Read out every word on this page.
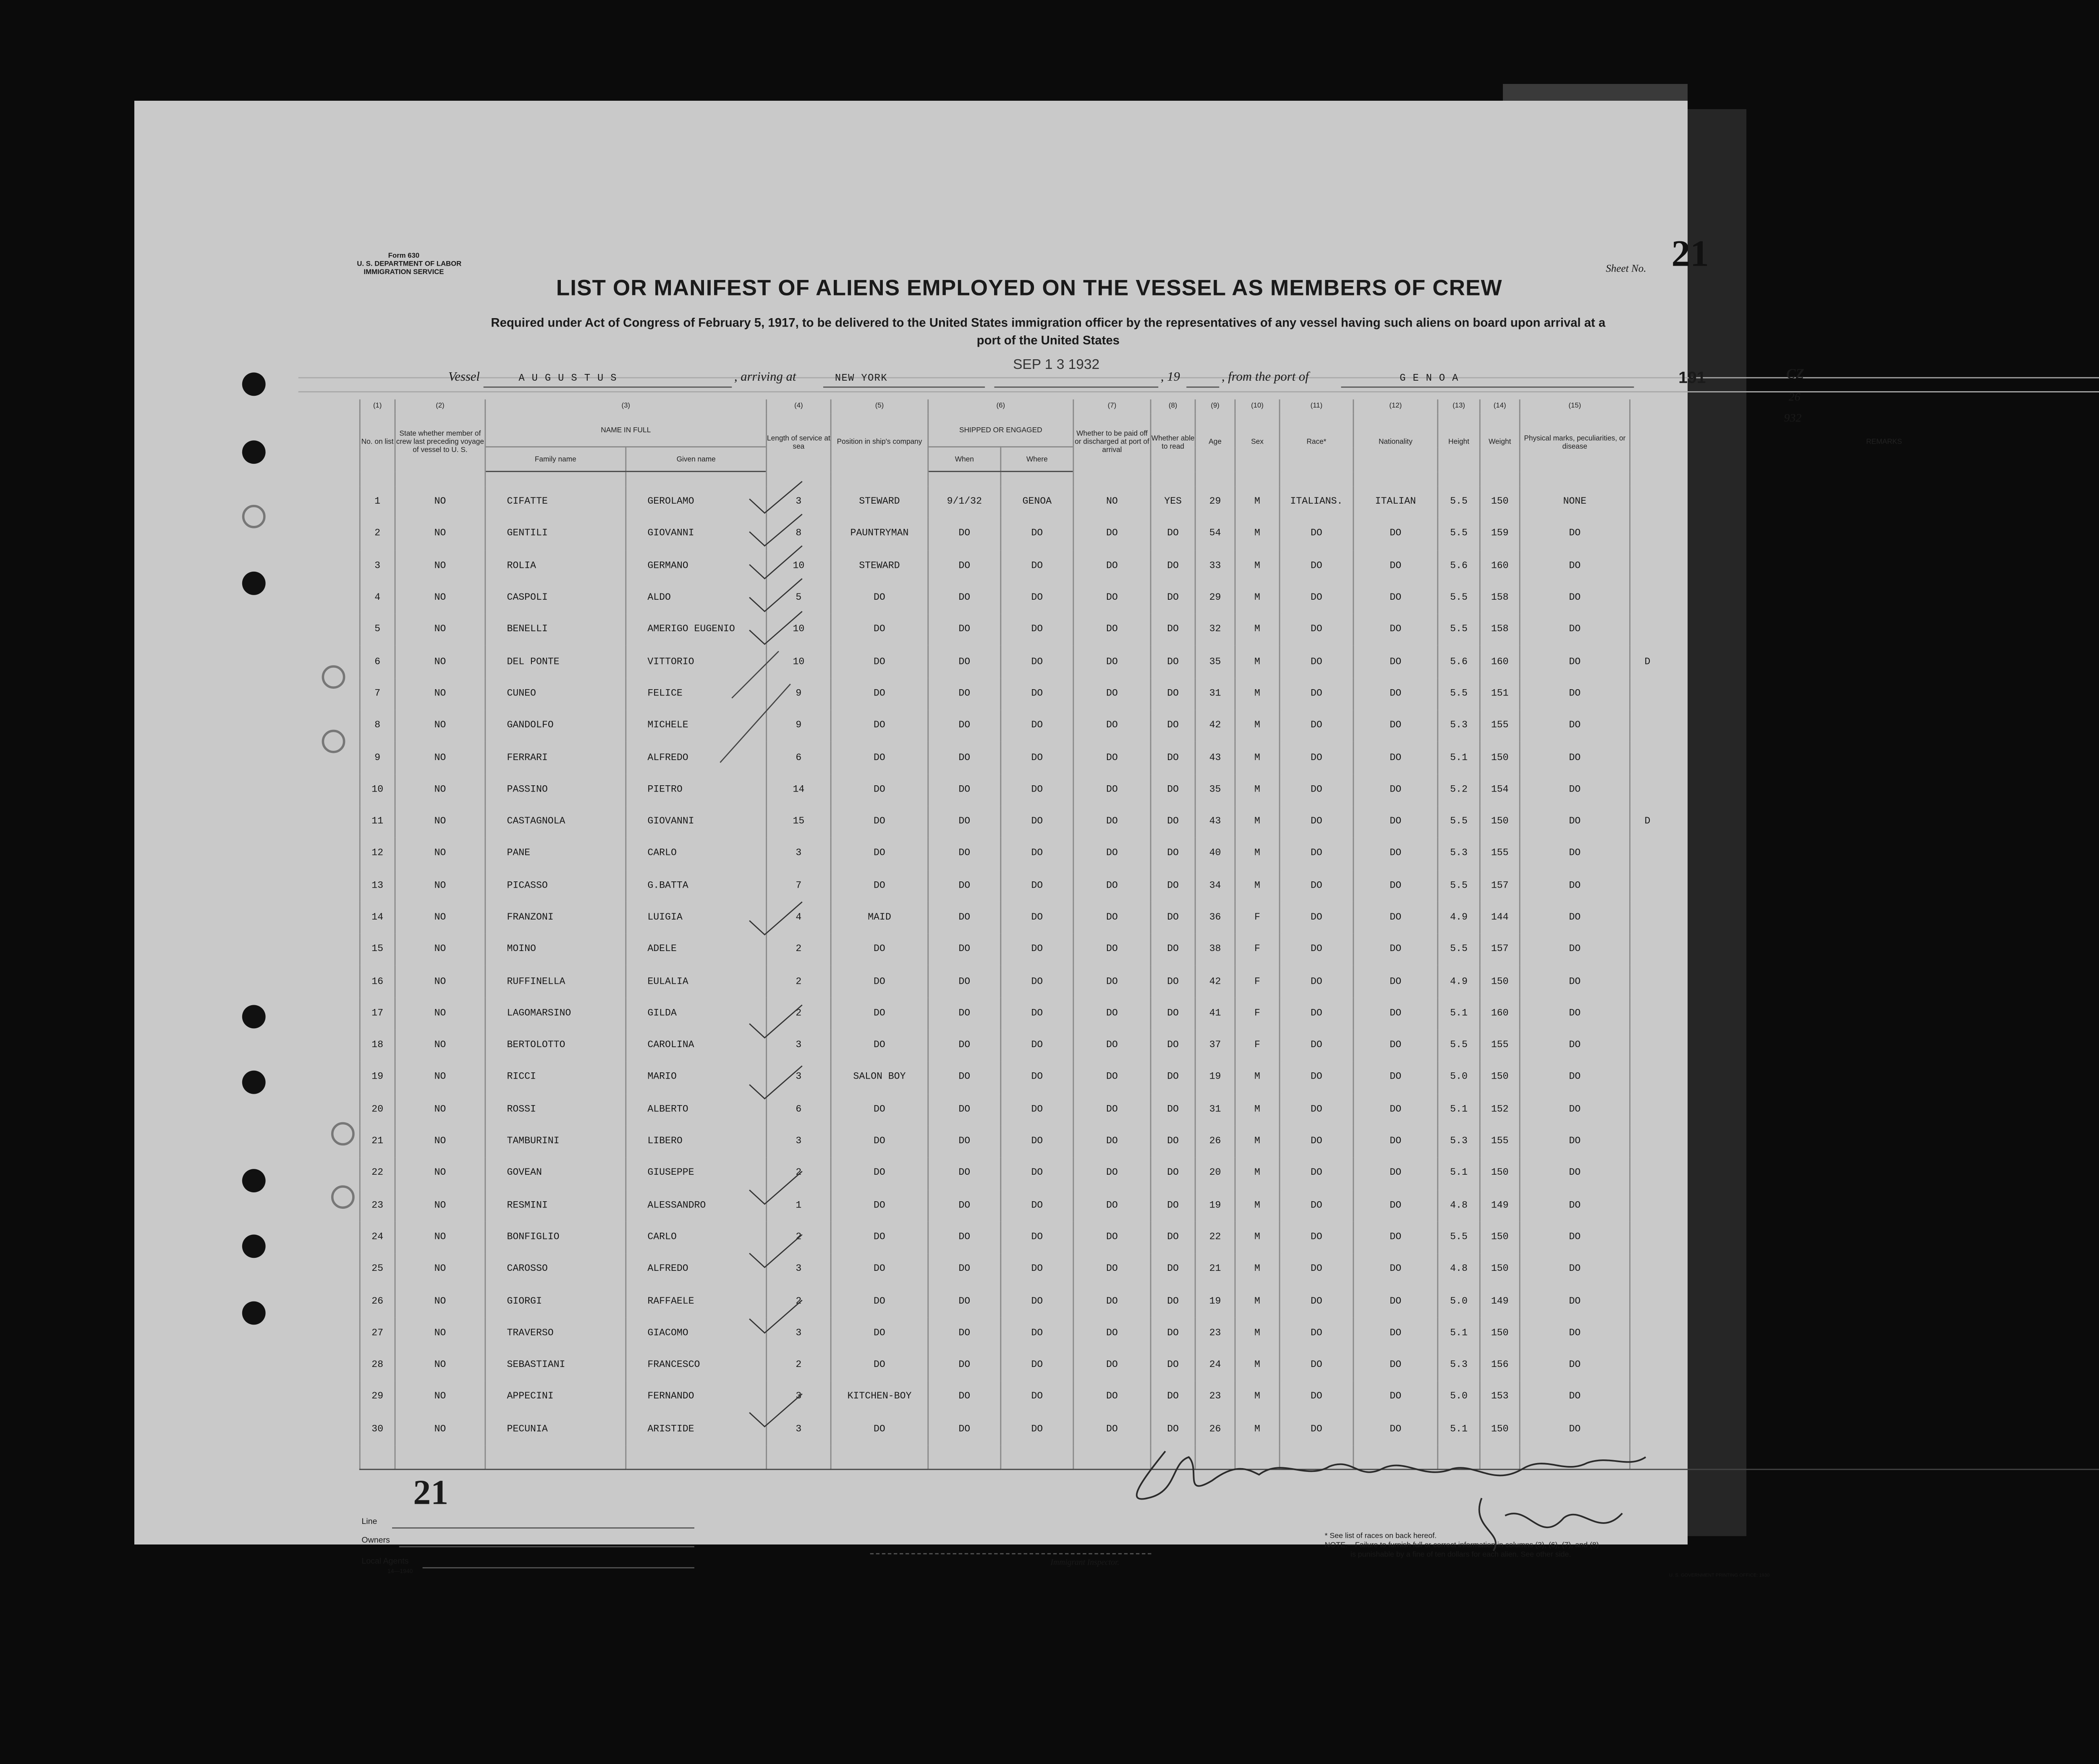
Form 630
U. S. DEPARTMENT OF LABOR
IMMIGRATION SERVICE	Sheet No. 21
LIST OR MANIFEST OF ALIENS EMPLOYED ON THE VESSEL AS MEMBERS OF CREW
Required under Act of Congress of February 5, 1917, to be delivered to the United States immigration officer by the representatives of any vessel having such aliens on board upon arrival at a
port of the United States
Vessel	A U G U S T U S	, arriving at	NEW YORK
SEP 1 3 1932
, 19	, from the port of	G E N O A	191
(1)	(2)	(3)		(4)	(5)	(6)		(7)	(8)	(9)	(10)	(11)	(12)	(13)	(14)	(15)	
No. on list	State whether member of crew last preceding voyage of vessel to U. S.	NAME IN FULL		Length of service at sea	Position in ship's company	SHIPPED OR ENGAGED		Whether to be paid off or discharged at port of arrival	Whether able to read	Age	Sex	Race*	Nationality	Height	Weight	Physical marks, peculiarities, or disease	REMARKS
		Family name	Given name			When	Where										

1	NO	CIFATTE	GEROLAMO	3	STEWARD	9/1/32	GENOA	NO	YES	29	M	ITALIANS.	ITALIAN	5.5	150	NONE	
2	NO	GENTILI	GIOVANNI	8	PAUNTRYMAN	DO	DO	DO	DO	54	M	DO	DO	5.5	159	DO	
3	NO	ROLIA	GERMANO	10	STEWARD	DO	DO	DO	DO	33	M	DO	DO	5.6	160	DO	
4	NO	CASPOLI	ALDO	5	DO	DO	DO	DO	DO	29	M	DO	DO	5.5	158	DO	
5	NO	BENELLI	AMERIGO EUGENIO	10	DO	DO	DO	DO	DO	32	M	DO	DO	5.5	158	DO	
6	NO	DEL PONTE	VITTORIO	10	DO	DO	DO	DO	DO	35	M	DO	DO	5.6	160	DO	D
7	NO	CUNEO	FELICE	9	DO	DO	DO	DO	DO	31	M	DO	DO	5.5	151	DO	
8	NO	GANDOLFO	MICHELE	9	DO	DO	DO	DO	DO	42	M	DO	DO	5.3	155	DO	
9	NO	FERRARI	ALFREDO	6	DO	DO	DO	DO	DO	43	M	DO	DO	5.1	150	DO	
10	NO	PASSINO	PIETRO	14	DO	DO	DO	DO	DO	35	M	DO	DO	5.2	154	DO	
11	NO	CASTAGNOLA	GIOVANNI	15	DO	DO	DO	DO	DO	43	M	DO	DO	5.5	150	DO	D
12	NO	PANE	CARLO	3	DO	DO	DO	DO	DO	40	M	DO	DO	5.3	155	DO	
13	NO	PICASSO	G.BATTA	7	DO	DO	DO	DO	DO	34	M	DO	DO	5.5	157	DO	
14	NO	FRANZONI	LUIGIA	4	MAID	DO	DO	DO	DO	36	F	DO	DO	4.9	144	DO	
15	NO	MOINO	ADELE	2	DO	DO	DO	DO	DO	38	F	DO	DO	5.5	157	DO	
16	NO	RUFFINELLA	EULALIA	2	DO	DO	DO	DO	DO	42	F	DO	DO	4.9	150	DO	
17	NO	LAGOMARSINO	GILDA	2	DO	DO	DO	DO	DO	41	F	DO	DO	5.1	160	DO	
18	NO	BERTOLOTTO	CAROLINA	3	DO	DO	DO	DO	DO	37	F	DO	DO	5.5	155	DO	
19	NO	RICCI	MARIO	3	SALON BOY	DO	DO	DO	DO	19	M	DO	DO	5.0	150	DO	
20	NO	ROSSI	ALBERTO	6	DO	DO	DO	DO	DO	31	M	DO	DO	5.1	152	DO	
21	NO	TAMBURINI	LIBERO	3	DO	DO	DO	DO	DO	26	M	DO	DO	5.3	155	DO	
22	NO	GOVEAN	GIUSEPPE	2	DO	DO	DO	DO	DO	20	M	DO	DO	5.1	150	DO	
23	NO	RESMINI	ALESSANDRO	1	DO	DO	DO	DO	DO	19	M	DO	DO	4.8	149	DO	
24	NO	BONFIGLIO	CARLO	2	DO	DO	DO	DO	DO	22	M	DO	DO	5.5	150	DO	
25	NO	CAROSSO	ALFREDO	3	DO	DO	DO	DO	DO	21	M	DO	DO	4.8	150	DO	
26	NO	GIORGI	RAFFAELE	2	DO	DO	DO	DO	DO	19	M	DO	DO	5.0	149	DO	
27	NO	TRAVERSO	GIACOMO	3	DO	DO	DO	DO	DO	23	M	DO	DO	5.1	150	DO	
28	NO	SEBASTIANI	FRANCESCO	2	DO	DO	DO	DO	DO	24	M	DO	DO	5.3	156	DO	
29	NO	APPECINI	FERNANDO	3	KITCHEN-BOY	DO	DO	DO	DO	23	M	DO	DO	5.0	153	DO	
30	NO	PECUNIA	ARISTIDE	3	DO	DO	DO	DO	DO	26	M	DO	DO	5.1	150	DO	

21
Line
Owners
Local Agents
14—1940
Immigrant Inspector.
J R Montgomery
Insp
* See list of races on back hereof.
NOTE.—Failure to furnish full or correct information in columns (3), (6), (7), and (8)
is punishable by a fine of ten dollars for each alien. See other side.
U. S. GOVERNMENT PRINTING OFFICE: 1930
CZ
26
932
